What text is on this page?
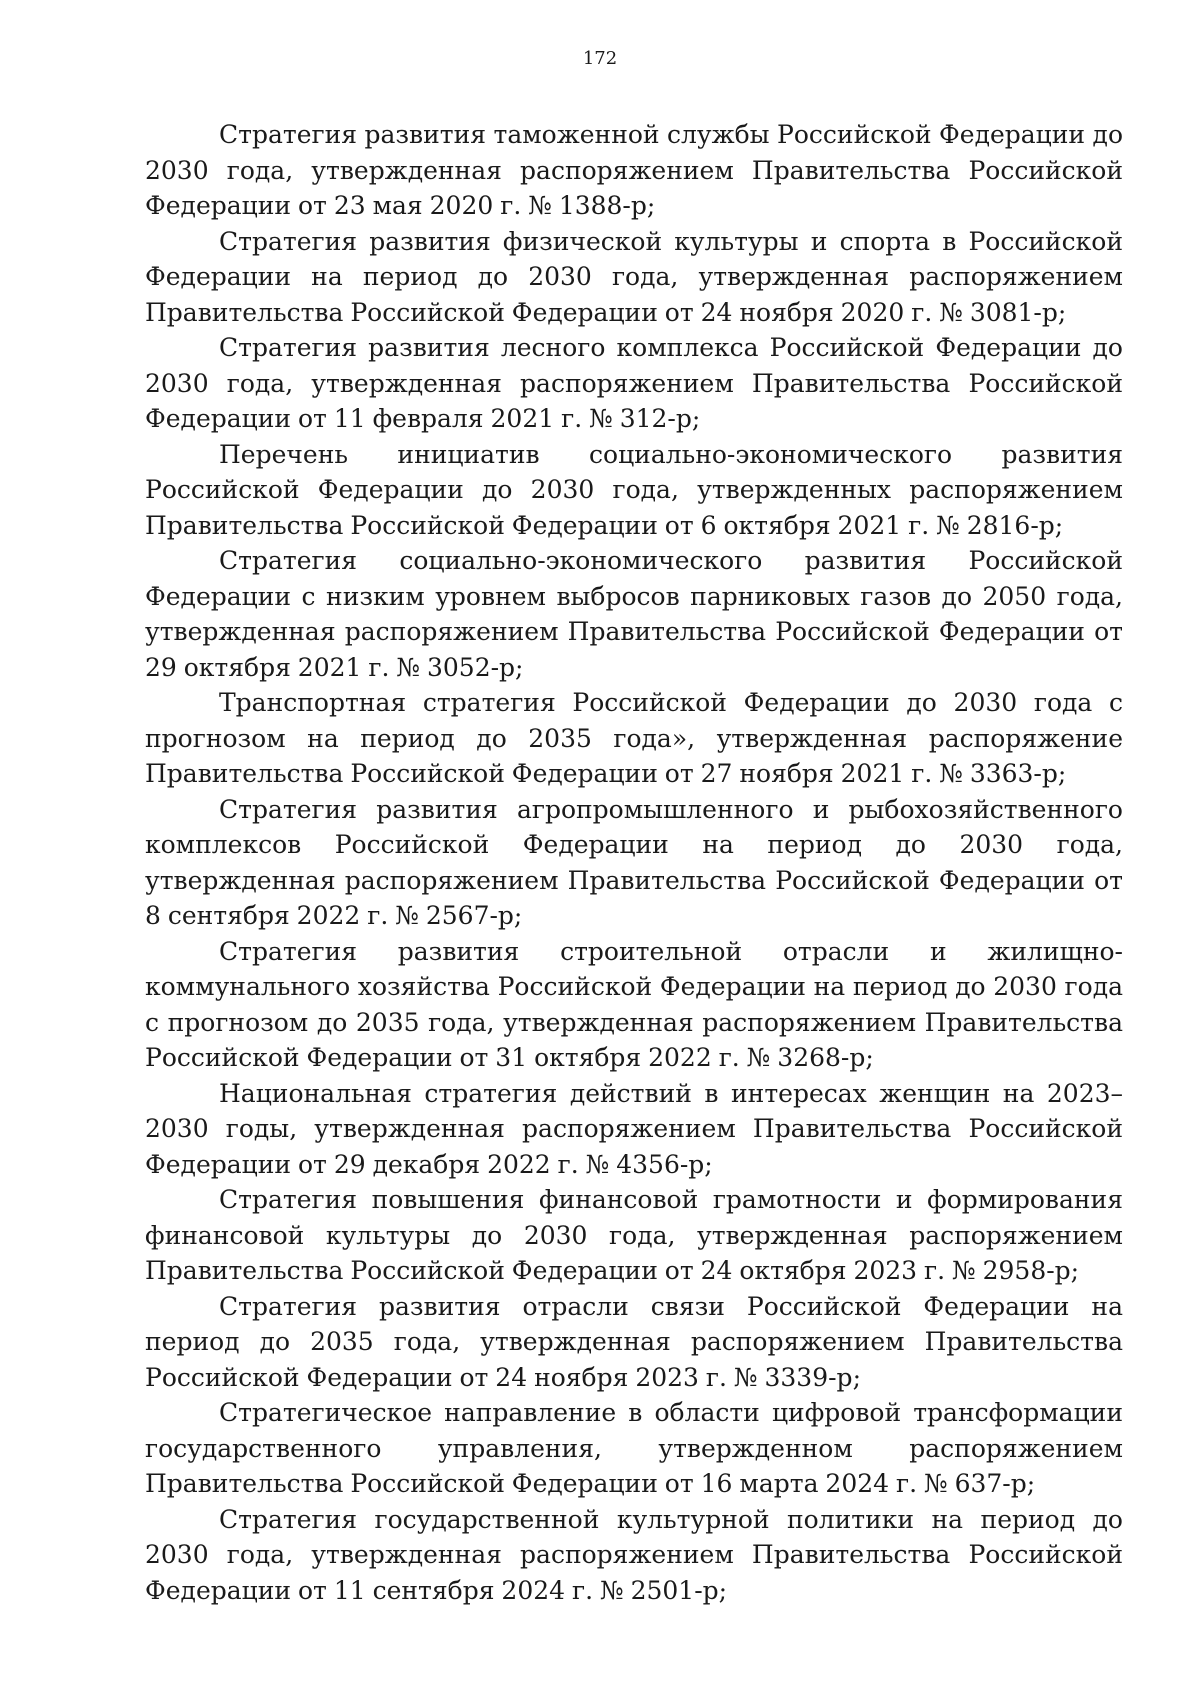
172

Стратегия развития таможенной службы Российской Федерации до 2030 года, утвержденная распоряжением Правительства Российской Федерации от 23 мая 2020 г. № 1388-р;

Стратегия развития физической культуры и спорта в Российской Федерации на период до 2030 года, утвержденная распоряжением Правительства Российской Федерации от 24 ноября 2020 г. № 3081-р;

Стратегия развития лесного комплекса Российской Федерации до 2030 года, утвержденная распоряжением Правительства Российской Федерации от 11 февраля 2021 г. № 312-р;

Перечень инициатив социально-экономического развития Российской Федерации до 2030 года, утвержденных распоряжением Правительства Российской Федерации от 6 октября 2021 г. № 2816-р;

Стратегия социально-экономического развития Российской Федерации с низким уровнем выбросов парниковых газов до 2050 года, утвержденная распоряжением Правительства Российской Федерации от 29 октября 2021 г. № 3052-р;

Транспортная стратегия Российской Федерации до 2030 года с прогнозом на период до 2035 года», утвержденная распоряжение Правительства Российской Федерации от 27 ноября 2021 г. № 3363-р;

Стратегия развития агропромышленного и рыбохозяйственного комплексов Российской Федерации на период до 2030 года, утвержденная распоряжением Правительства Российской Федерации от 8 сентября 2022 г. № 2567-р;

Стратегия развития строительной отрасли и жилищно-коммунального хозяйства Российской Федерации на период до 2030 года с прогнозом до 2035 года, утвержденная распоряжением Правительства Российской Федерации от 31 октября 2022 г. № 3268-р;

Национальная стратегия действий в интересах женщин на 2023–2030 годы, утвержденная распоряжением Правительства Российской Федерации от 29 декабря 2022 г. № 4356-р;

Стратегия повышения финансовой грамотности и формирования финансовой культуры до 2030 года, утвержденная распоряжением Правительства Российской Федерации от 24 октября 2023 г. № 2958-р;

Стратегия развития отрасли связи Российской Федерации на период до 2035 года, утвержденная распоряжением Правительства Российской Федерации от 24 ноября 2023 г. № 3339-р;

Стратегическое направление в области цифровой трансформации государственного управления, утвержденном распоряжением Правительства Российской Федерации от 16 марта 2024 г. № 637-р;

Стратегия государственной культурной политики на период до 2030 года, утвержденная распоряжением Правительства Российской Федерации от 11 сентября 2024 г. № 2501-р;
